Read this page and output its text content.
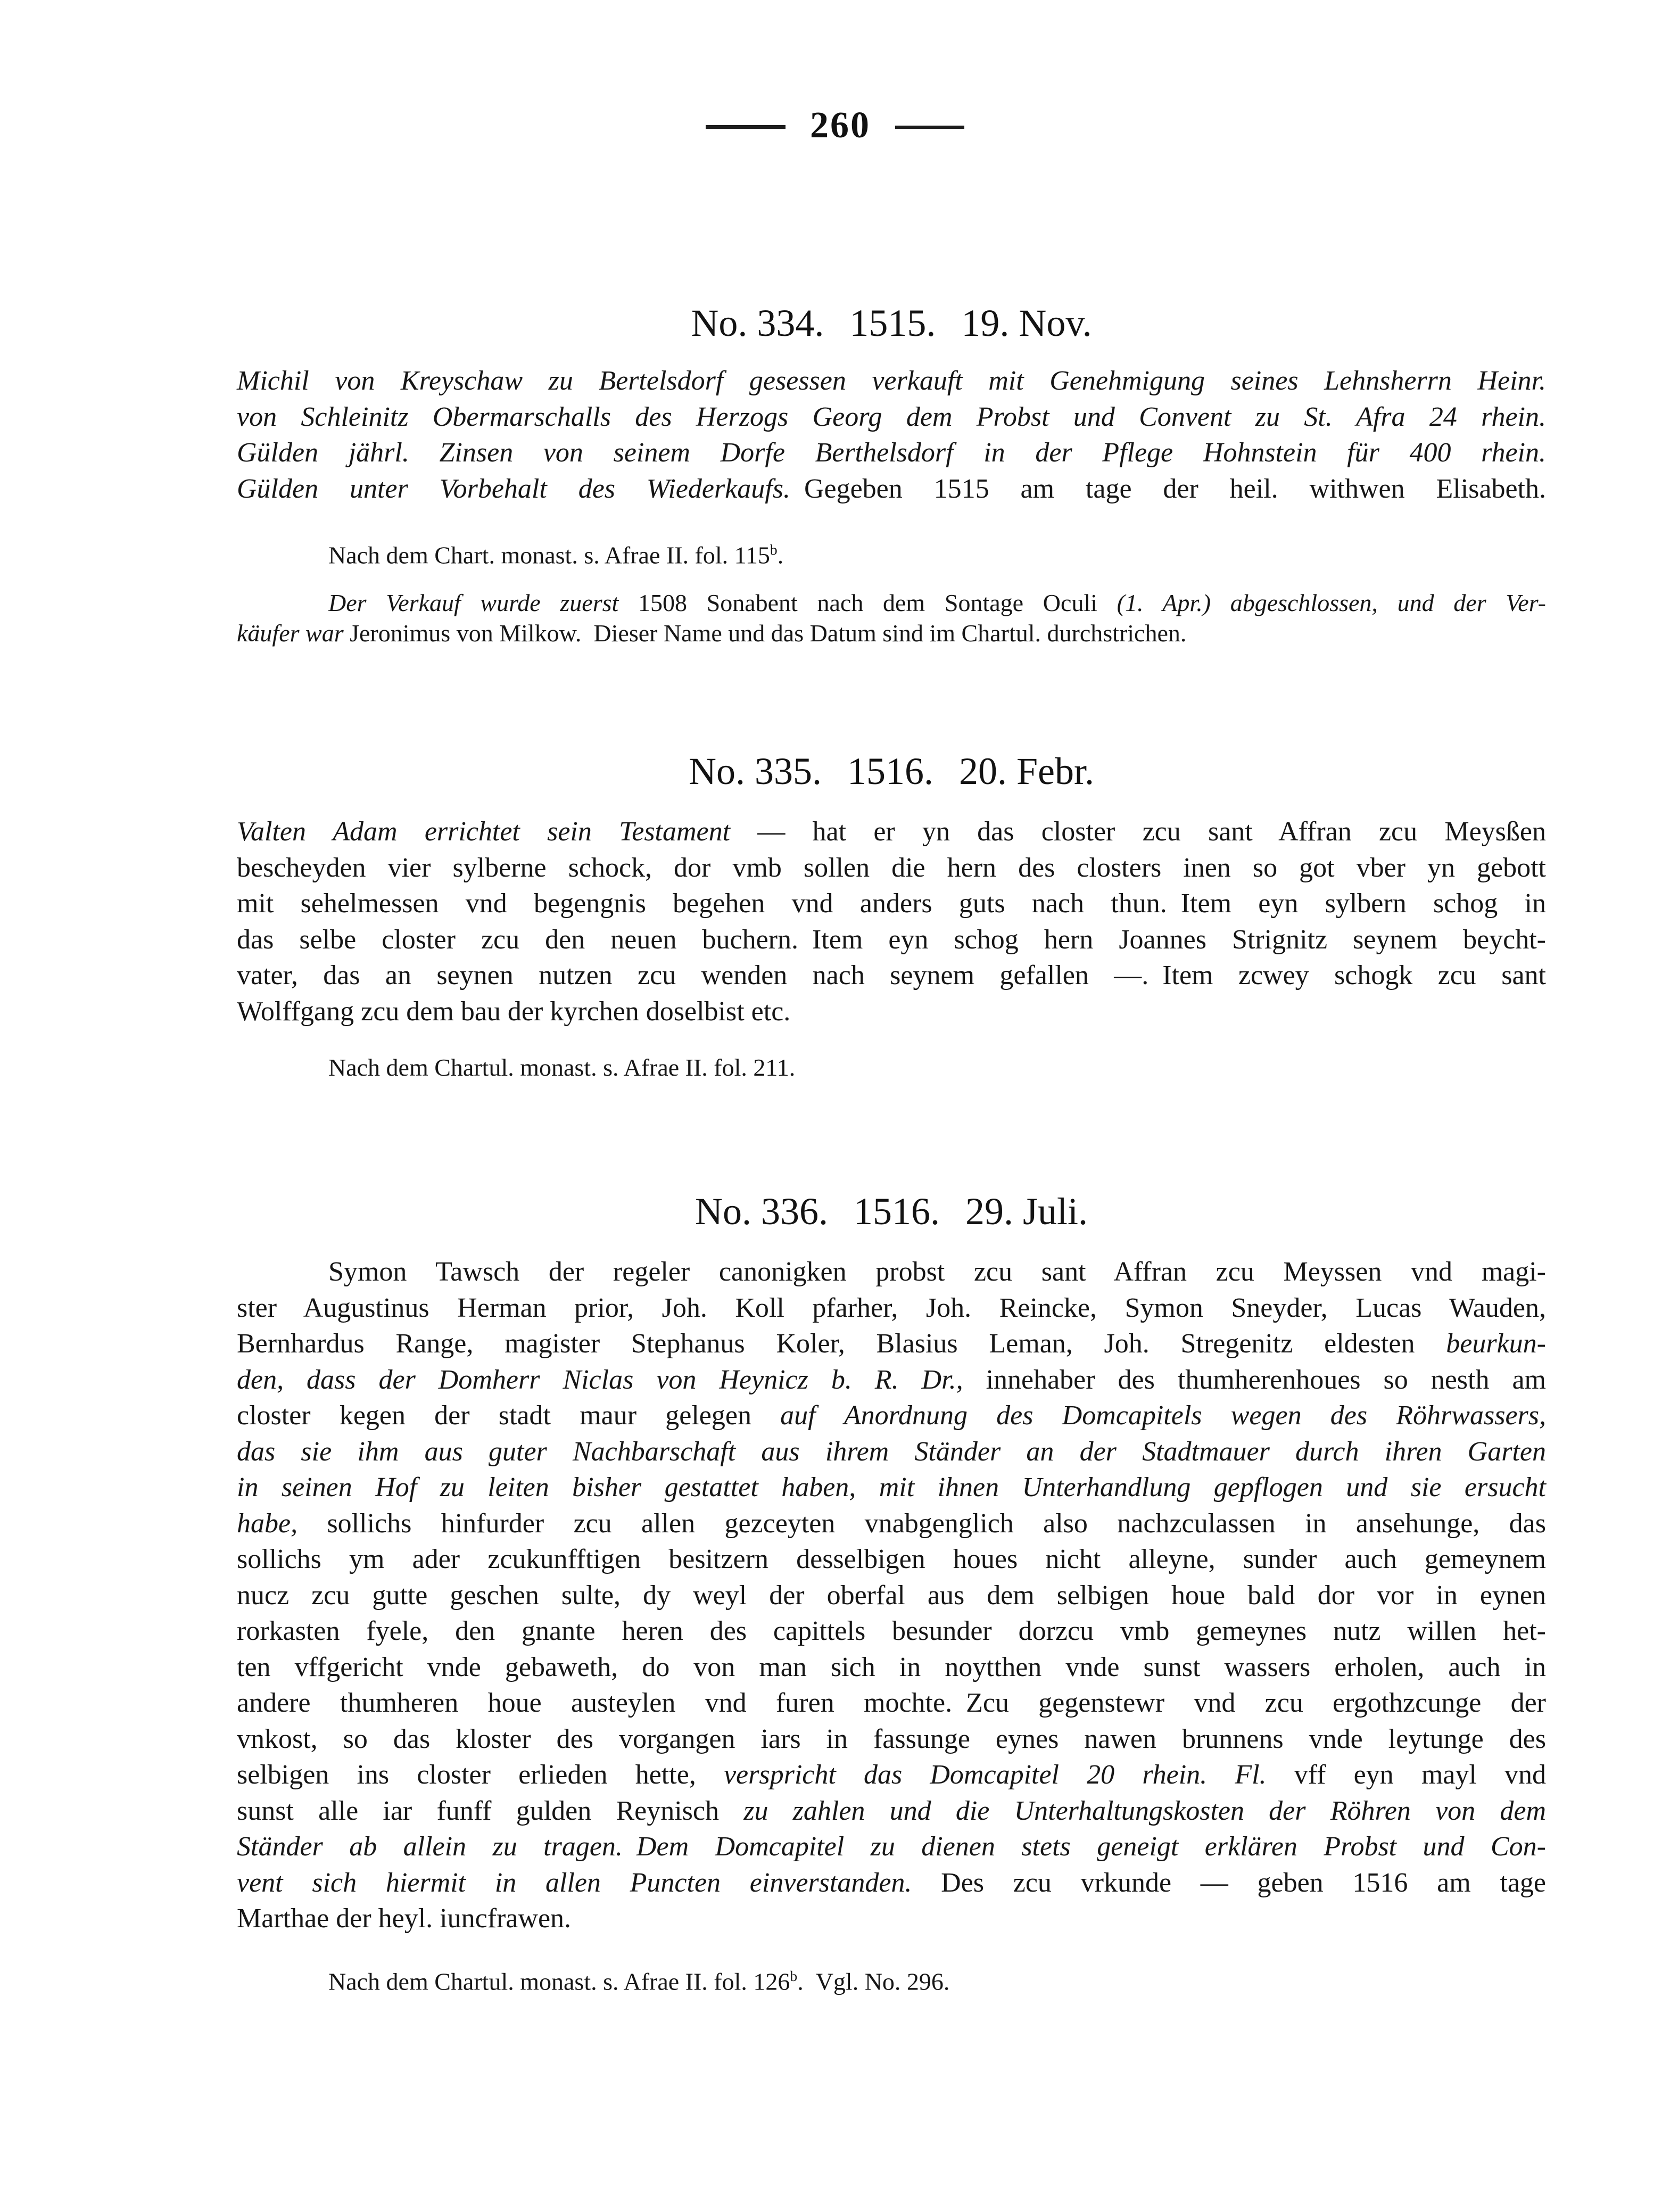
260
No. 334. 1515. 19. Nov.
Michil von Kreyschaw zu Bertelsdorf gesessen verkauft mit Genehmigung seines Lehnsherrn Heinr.
von Schleinitz Obermarschalls des Herzogs Georg dem Probst und Convent zu St. Afra 24 rhein.
Gülden jährl. Zinsen von seinem Dorfe Berthelsdorf in der Pflege Hohnstein für 400 rhein.
Gülden unter Vorbehalt des Wiederkaufs. Gegeben 1515 am tage der heil. withwen Elisabeth.
Nach dem Chart. monast. s. Afrae II. fol. 115$^b$.
Der Verkauf wurde zuerst 1508 Sonabent nach dem Sontage Oculi (1. Apr.) abgeschlossen, und der Ver-
käufer war Jeronimus von Milkow. Dieser Name und das Datum sind im Chartul. durchstrichen.
No. 335. 1516. 20. Febr.
Valten Adam errichtet sein Testament — hat er yn das closter zcu sant Affran zcu Meysßen
bescheyden vier sylberne schock, dor vmb sollen die hern des closters inen so got vber yn gebott
mit sehelmessen vnd begengnis begehen vnd anders guts nach thun. Item eyn sylbern schog in
das selbe closter zcu den neuen buchern. Item eyn schog hern Joannes Strignitz seynem beycht-
vater, das an seynen nutzen zcu wenden nach seynem gefallen —. Item zcwey schogk zcu sant
Wolffgang zcu dem bau der kyrchen doselbist etc.
Nach dem Chartul. monast. s. Afrae II. fol. 211.
No. 336. 1516. 29. Juli.
Symon Tawsch der regeler canonigken probst zcu sant Affran zcu Meyssen vnd magi-
ster Augustinus Herman prior, Joh. Koll pfarher, Joh. Reincke, Symon Sneyder, Lucas Wauden,
Bernhardus Range, magister Stephanus Koler, Blasius Leman, Joh. Stregenitz eldesten beurkun-
den, dass der Domherr Niclas von Heynicz b. R. Dr., innehaber des thumherenhoues so nesth am
closter kegen der stadt maur gelegen auf Anordnung des Domcapitels wegen des Röhrwassers,
das sie ihm aus guter Nachbarschaft aus ihrem Ständer an der Stadtmauer durch ihren Garten
in seinen Hof zu leiten bisher gestattet haben, mit ihnen Unterhandlung gepflogen und sie ersucht
habe, sollichs hinfurder zcu allen gezceyten vnabgenglich also nachzculassen in ansehunge, das
sollichs ym ader zcukunfftigen besitzern desselbigen houes nicht alleyne, sunder auch gemeynem
nucz zcu gutte geschen sulte, dy weyl der oberfal aus dem selbigen houe bald dor vor in eynen
rorkasten fyele, den gnante heren des capittels besunder dorzcu vmb gemeynes nutz willen het-
ten vffgericht vnde gebaweth, do von man sich in noytthen vnde sunst wassers erholen, auch in
andere thumheren houe austeylen vnd furen mochte. Zcu gegenstewr vnd zcu ergothzcunge der
vnkost, so das kloster des vorgangen iars in fassunge eynes nawen brunnens vnde leytunge des
selbigen ins closter erlieden hette, verspricht das Domcapitel 20 rhein. Fl. vff eyn mayl vnd
sunst alle iar funff gulden Reynisch zu zahlen und die Unterhaltungskosten der Röhren von dem
Ständer ab allein zu tragen. Dem Domcapitel zu dienen stets geneigt erklären Probst und Con-
vent sich hiermit in allen Puncten einverstanden. Des zcu vrkunde — geben 1516 am tage
Marthae der heyl. iuncfrawen.
Nach dem Chartul. monast. s. Afrae II. fol. 126$^b$. Vgl. No. 296.
